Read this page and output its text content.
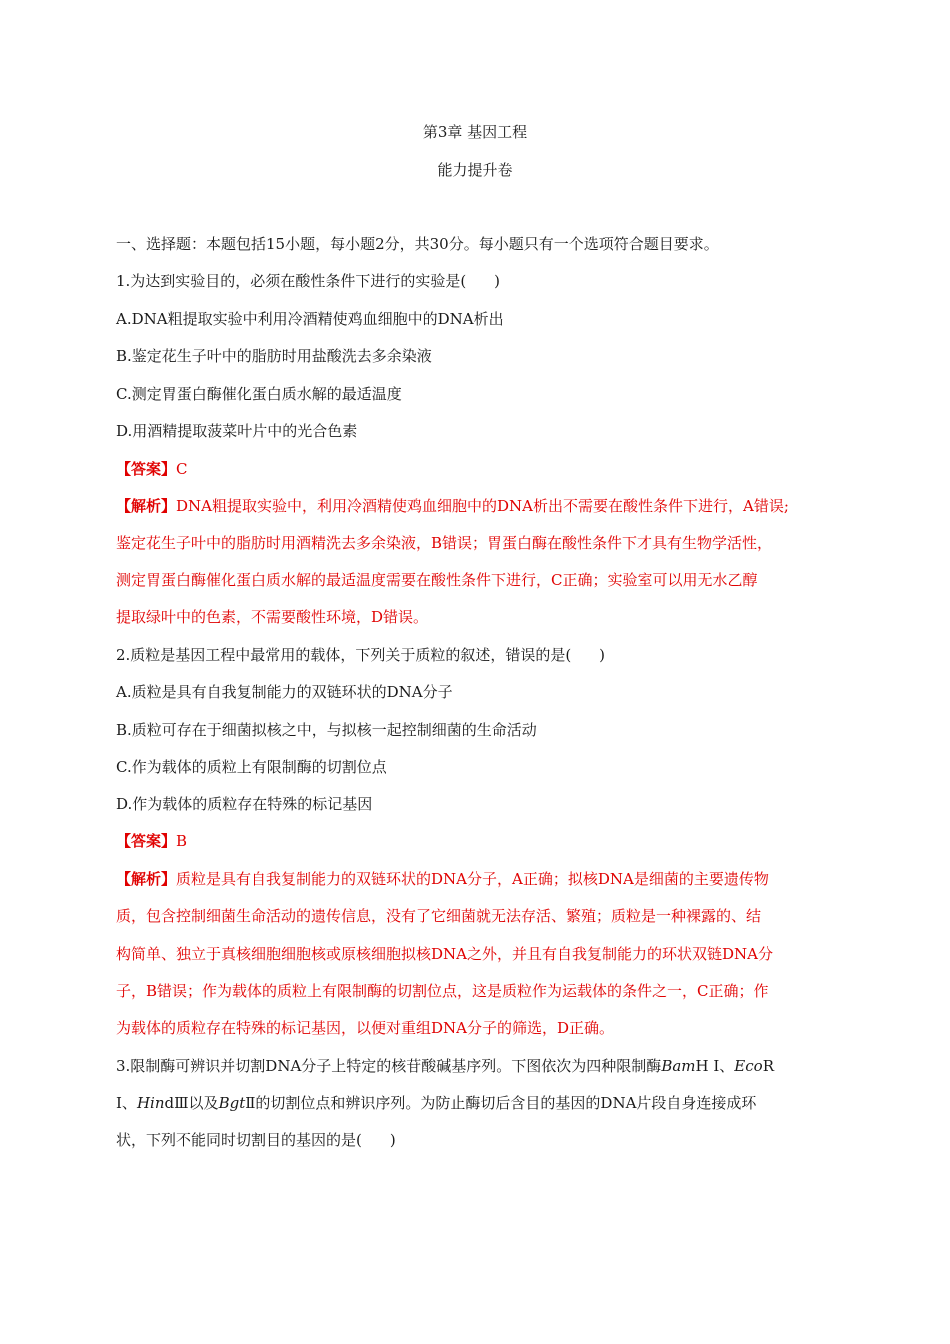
第3章 基因工程
能力提升卷
一、选择题：本题包括15小题，每小题2分，共30分。每小题只有一个选项符合题目要求。
1.为达到实验目的，必须在酸性条件下进行的实验是( )
A.DNA粗提取实验中利用冷酒精使鸡血细胞中的DNA析出
B.鉴定花生子叶中的脂肪时用盐酸洗去多余染液
C.测定胃蛋白酶催化蛋白质水解的最适温度
D.用酒精提取菠菜叶片中的光合色素
【答案】C
【解析】DNA粗提取实验中，利用冷酒精使鸡血细胞中的DNA析出不需要在酸性条件下进行，A错误;
鉴定花生子叶中的脂肪时用酒精洗去多余染液，B错误；胃蛋白酶在酸性条件下才具有生物学活性，
测定胃蛋白酶催化蛋白质水解的最适温度需要在酸性条件下进行，C正确；实验室可以用无水乙醇
提取绿叶中的色素，不需要酸性环境，D错误。
2.质粒是基因工程中最常用的载体，下列关于质粒的叙述，错误的是( )
A.质粒是具有自我复制能力的双链环状的DNA分子
B.质粒可存在于细菌拟核之中，与拟核一起控制细菌的生命活动
C.作为载体的质粒上有限制酶的切割位点
D.作为载体的质粒存在特殊的标记基因
【答案】B
【解析】质粒是具有自我复制能力的双链环状的DNA分子，A正确；拟核DNA是细菌的主要遗传物
质，包含控制细菌生命活动的遗传信息，没有了它细菌就无法存活、繁殖；质粒是一种裸露的、结
构简单、独立于真核细胞细胞核或原核细胞拟核DNA之外，并且有自我复制能力的环状双链DNA分
子，B错误；作为载体的质粒上有限制酶的切割位点，这是质粒作为运载体的条件之一，C正确；作
为载体的质粒存在特殊的标记基因，以便对重组DNA分子的筛选，D正确。
3.限制酶可辨识并切割DNA分子上特定的核苷酸碱基序列。下图依次为四种限制酶BamH Ⅰ、EcoR
Ⅰ、HindⅢ以及BgtⅡ的切割位点和辨识序列。为防止酶切后含目的基因的DNA片段自身连接成环
状，下列不能同时切割目的基因的是( )
